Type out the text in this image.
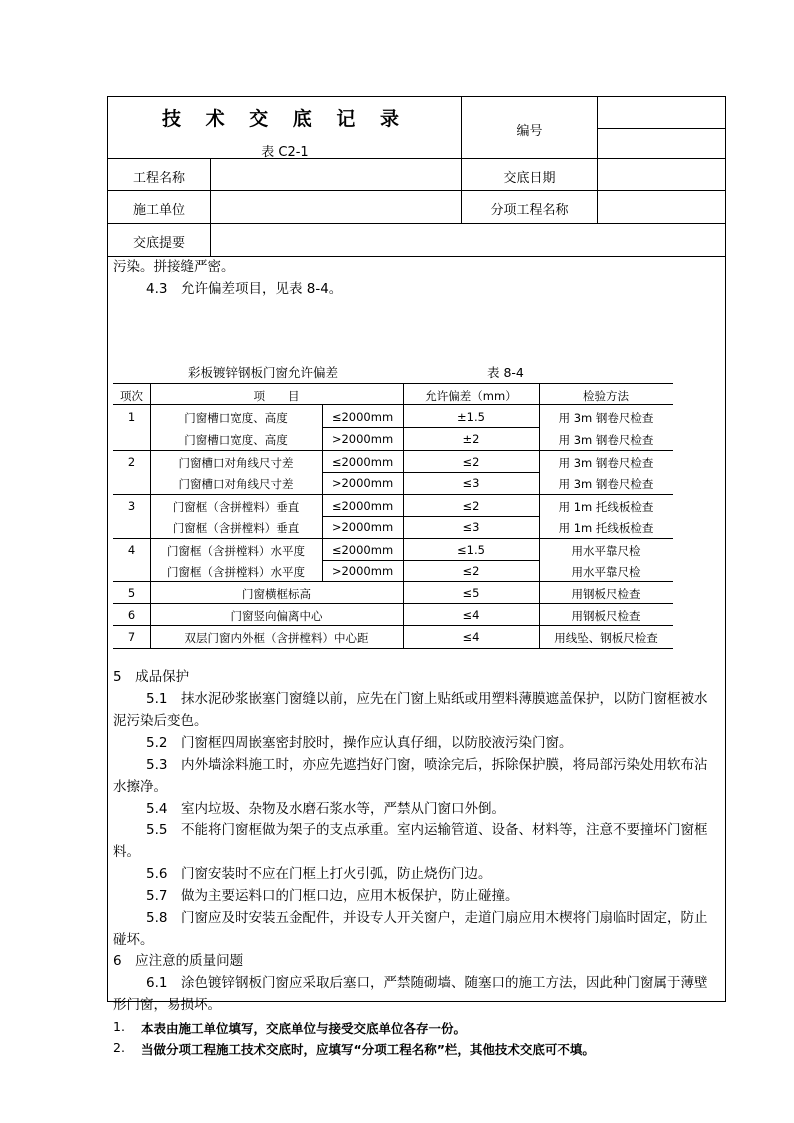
技 术 交 底 记 录
表 C2-1
编号
工程名称	交底日期
施工单位	分项工程名称
交底提要
污染。拼接缝严密。
4.3　允许偏差项目，见表 8-4。
彩板镀锌钢板门窗允许偏差	表 8-4
项次	项　　目	允许偏差（mm）	检验方法
1	门窗槽口宽度、高度	≤2000mm	±1.5	用 3m 钢卷尺检查
门窗槽口宽度、高度	>2000mm	±2	用 3m 钢卷尺检查
2	门窗槽口对角线尺寸差	≤2000mm	≤2	用 3m 钢卷尺检查
门窗槽口对角线尺寸差	>2000mm	≤3	用 3m 钢卷尺检查
3	门窗框（含拼樘料）垂直	≤2000mm	≤2	用 1m 托线板检查
门窗框（含拼樘料）垂直	>2000mm	≤3	用 1m 托线板检查
4	门窗框（含拼樘料）水平度	≤2000mm	≤1.5	用水平靠尺检
门窗框（含拼樘料）水平度	>2000mm	≤2	用水平靠尺检
5	门窗横框标高	≤5	用钢板尺检查
6	门窗竖向偏离中心	≤4	用钢板尺检查
7	双层门窗内外框（含拼樘料）中心距	≤4	用线坠、钢板尺检查
5　成品保护
5.1　抹水泥砂浆嵌塞门窗缝以前，应先在门窗上贴纸或用塑料薄膜遮盖保护，以防门窗框被水
泥污染后变色。
5.2　门窗框四周嵌塞密封胶时，操作应认真仔细，以防胶液污染门窗。
5.3　内外墙涂料施工时，亦应先遮挡好门窗，喷涂完后，拆除保护膜，将局部污染处用软布沾
水擦净。
5.4　室内垃圾、杂物及水磨石浆水等，严禁从门窗口外倒。
5.5　不能将门窗框做为架子的支点承重。室内运输管道、设备、材料等，注意不要撞坏门窗框
料。
5.6　门窗安装时不应在门框上打火引弧，防止烧伤门边。
5.7　做为主要运料口的门框口边，应用木板保护，防止碰撞。
5.8　门窗应及时安装五金配件，并设专人开关窗户，走道门扇应用木楔将门扇临时固定，防止
碰坏。
6　应注意的质量问题
6.1　涂色镀锌钢板门窗应采取后塞口，严禁随砌墙、随塞口的施工方法，因此种门窗属于薄壁
形门窗，易损坏。
1. 本表由施工单位填写，交底单位与接受交底单位各存一份。
2. 当做分项工程施工技术交底时，应填写“分项工程名称”栏，其他技术交底可不填。
